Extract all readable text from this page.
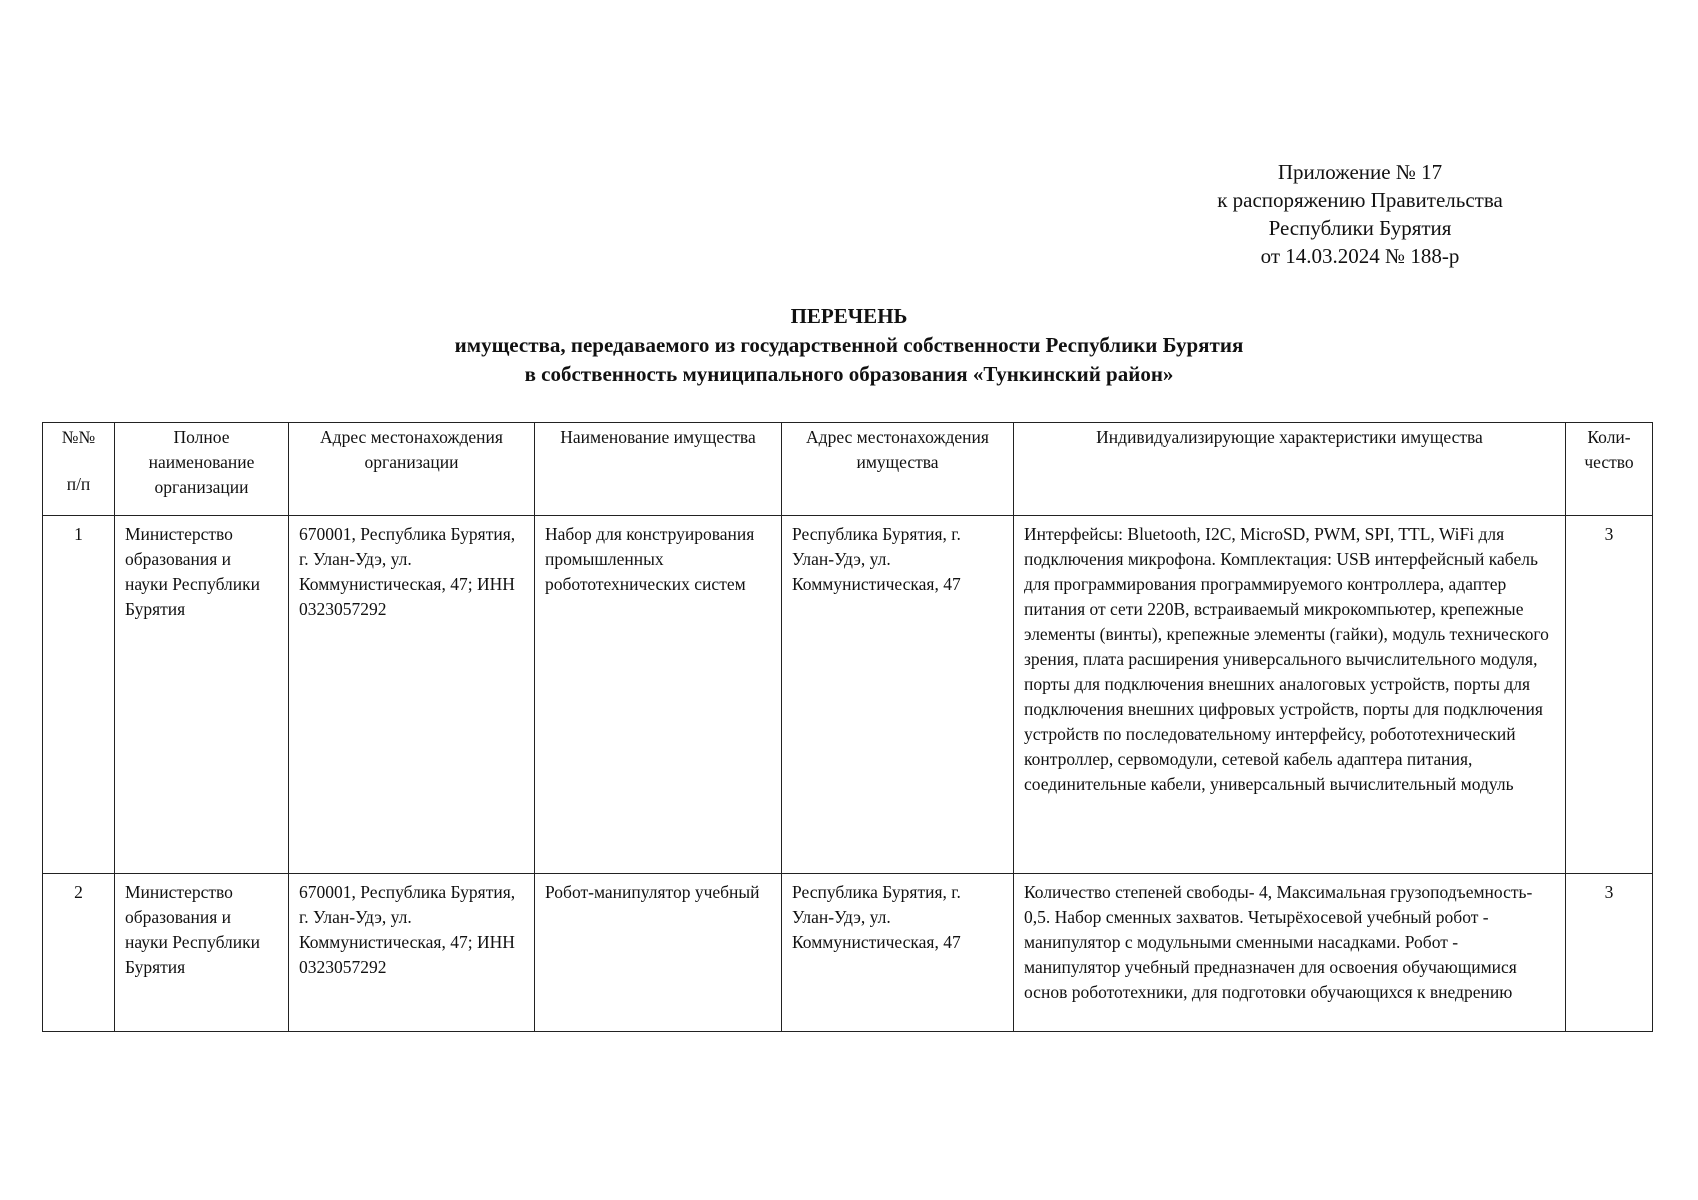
Приложение № 17
к распоряжению Правительства
Республики Бурятия
от 14.03.2024 № 188-р
ПЕРЕЧЕНЬ
имущества, передаваемого из государственной собственности Республики Бурятия
в собственность муниципального образования «Тункинский район»
№№
п/п	Полное наименование организации	Адрес местонахождения организации	Наименование имущества	Адрес местонахождения имущества	Индивидуализирующие характеристики имущества	Коли-чество
1	Министерство образования и науки Республики Бурятия	670001, Республика Бурятия, г. Улан-Удэ, ул. Коммунистическая, 47; ИНН 0323057292	Набор для конструирования промышленных робототехнических систем	Республика Бурятия, г. Улан-Удэ, ул. Коммунистическая, 47	Интерфейсы: Bluetooth, I2C, MicroSD, PWM, SPI, TTL, WiFi для подключения микрофона. Комплектация: USB интерфейсный кабель для программирования программируемого контроллера, адаптер питания от сети 220В, встраиваемый микрокомпьютер, крепежные элементы (винты), крепежные элементы (гайки), модуль технического зрения, плата расширения универсального вычислительного модуля, порты для подключения внешних аналоговых устройств, порты для подключения внешних цифровых устройств, порты для подключения устройств по последовательному интерфейсу, робототехнический контроллер, сервомодули, сетевой кабель адаптера питания, соединительные кабели, универсальный вычислительный модуль	3
2	Министерство образования и науки Республики Бурятия	670001, Республика Бурятия, г. Улан-Удэ, ул. Коммунистическая, 47; ИНН 0323057292	Робот-манипулятор учебный	Республика Бурятия, г. Улан-Удэ, ул. Коммунистическая, 47	Количество степеней свободы- 4, Максимальная грузоподъемность- 0,5. Набор сменных захватов. Четырёхосевой учебный робот - манипулятор с модульными сменными насадками. Робот - манипулятор учебный предназначен для освоения обучающимися основ робототехники, для подготовки обучающихся к внедрению	3
